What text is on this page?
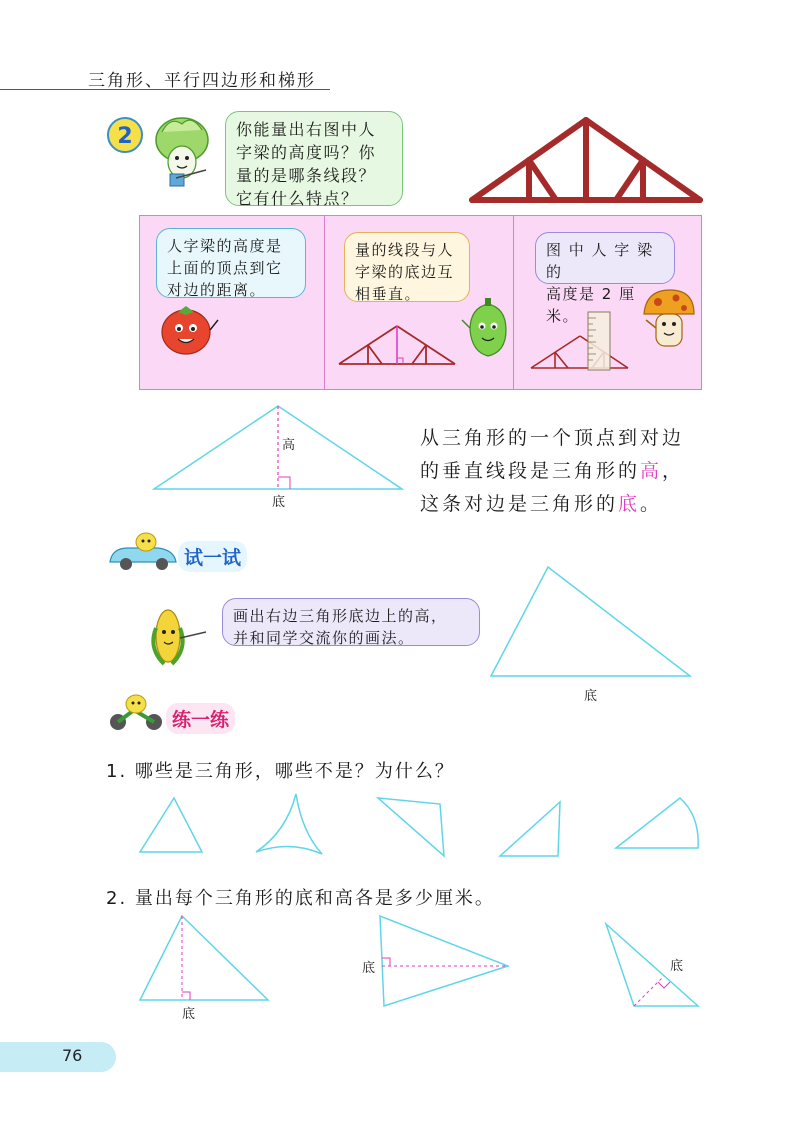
三角形、平行四边形和梯形
2	你能量出右图中人
字梁的高度吗？你
量的是哪条线段？
它有什么特点？
人字梁的高度是
上面的顶点到它
对边的距离。
量的线段与人
字梁的底边互
相垂直。
图 中 人 字 梁 的
高度是 2 厘米。
高
底
从三角形的一个顶点到对边
的垂直线段是三角形的高，
这条对边是三角形的底。
试一试
画出右边三角形底边上的高，
并和同学交流你的画法。
底
练一练
1. 哪些是三角形，哪些不是？为什么？
2. 量出每个三角形的底和高各是多少厘米。
底
底	底
76
